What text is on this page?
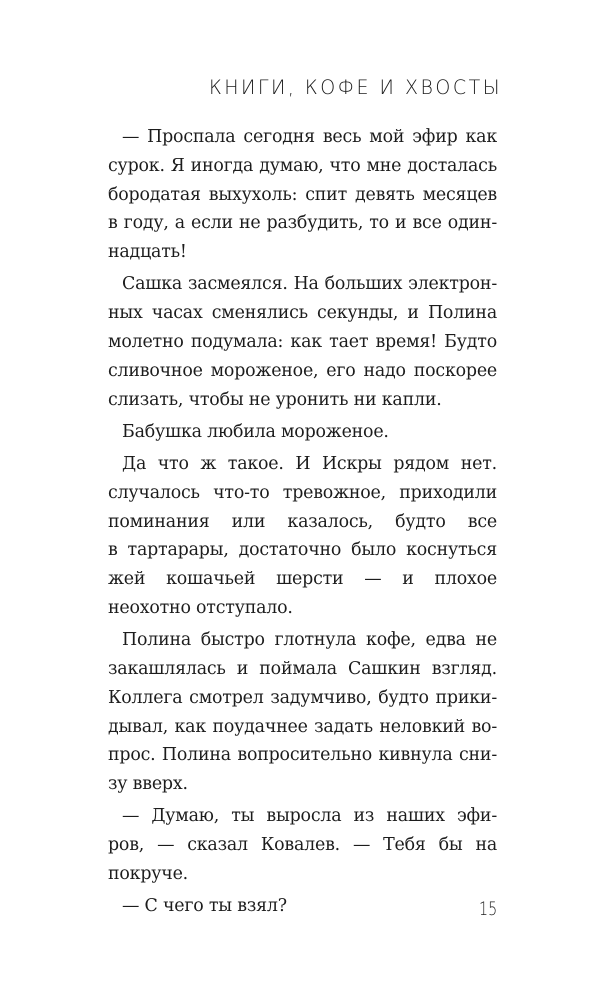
КНИГИ, КОФЕ И ХВОСТЫ

— Проспала сегодня весь мой эфир как
сурок. Я иногда думаю, что мне досталась
бородатая выхухоль: спит девять месяцев
в году, а если не разбудить, то и все один-
надцать!

Сашка засмеялся. На больших электрон-
ных часах сменялись секунды, и Полина
молетно подумала: как тает время! Будто
сливочное мороженое, его надо поскорее
слизать, чтобы не уронить ни капли.

Бабушка любила мороженое.

Да что ж такое. И Искры рядом нет.
случалось что-то тревожное, приходили
поминания или казалось, будто все
в тартарары, достаточно было коснуться
жей кошачьей шерсти — и плохое
неохотно отступало.

Полина быстро глотнула кофе, едва не
закашлялась и поймала Сашкин взгляд.
Коллега смотрел задумчиво, будто прики-
дывал, как поудачнее задать неловкий во-
прос. Полина вопросительно кивнула сни-
зу вверх.

— Думаю, ты выросла из наших эфи-
ров, — сказал Ковалев. — Тебя бы на
покруче.

— С чего ты взял?	15
